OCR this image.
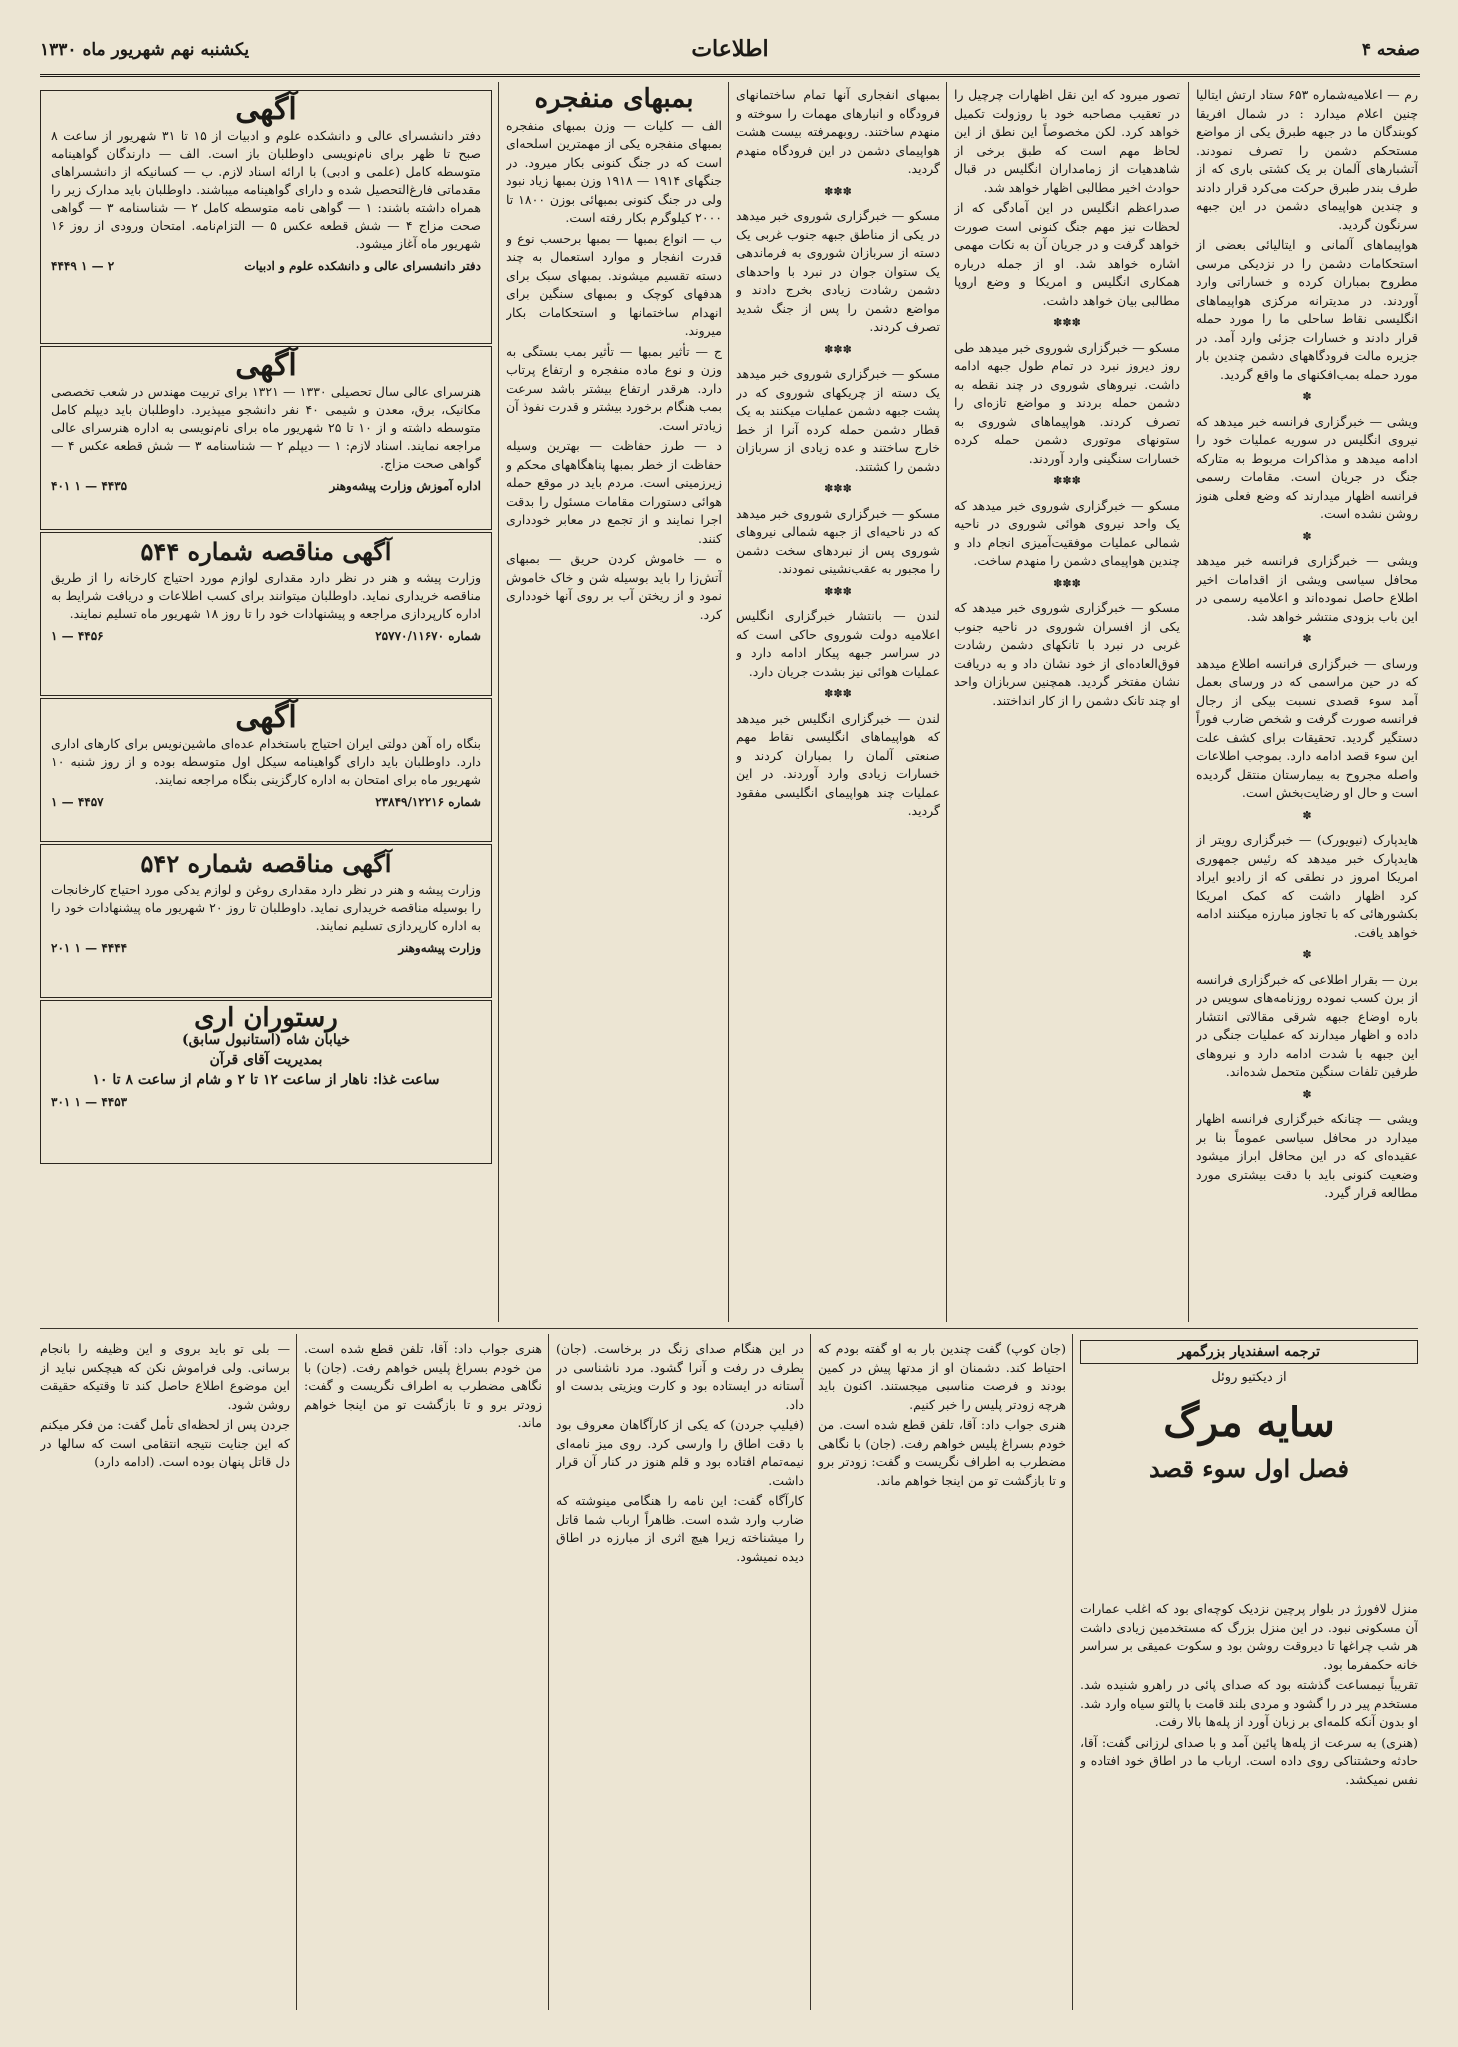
صفحه ۴
اطلاعات
یکشنبه نهم شهریور ماه ۱۳۳۰

رم — اعلامیه‌شماره ۶۵۳ ستاد ارتش ایتالیا چنین اعلام میدارد : در شمال افریقا کوبندگان ما در جبهه طبرق یکی از مواضع مستحکم دشمن را تصرف نمودند. آتشبارهای آلمان بر یک کشتی باری که از طرف بندر طبرق حرکت می‌کرد قرار دادند و چندین هواپیمای دشمن در این جبهه سرنگون گردید.

هواپیماهای آلمانی و ایتالیائی بعضی از استحکامات دشمن را در نزدیکی مرسی مطروح بمباران کرده و خساراتی وارد آوردند. در مدیترانه مرکزی هواپیماهای انگلیسی نقاط ساحلی ما را مورد حمله قرار دادند و خسارات جزئی وارد آمد. در جزیره مالت فرودگاههای دشمن چندین بار مورد حمله بمب‌افکنهای ما واقع گردید.

✽

ویشی — خبرگزاری فرانسه خبر میدهد که نیروی انگلیس در سوریه عملیات خود را ادامه میدهد و مذاکرات مربوط به متارکه جنگ در جریان است. مقامات رسمی فرانسه اظهار میدارند که وضع فعلی هنوز روشن نشده است.

✽

ویشی — خبرگزاری فرانسه خبر میدهد محافل سیاسی ویشی از اقدامات اخیر اطلاع حاصل نموده‌اند و اعلامیه رسمی در این باب بزودی منتشر خواهد شد.

✽

ورسای — خبرگزاری فرانسه اطلاع میدهد که در حین مراسمی که در ورسای بعمل آمد سوء قصدی نسبت بیکی از رجال فرانسه صورت گرفت و شخص ضارب فوراً دستگیر گردید. تحقیقات برای کشف علت این سوء قصد ادامه دارد. بموجب اطلاعات واصله مجروح به بیمارستان منتقل گردیده است و حال او رضایت‌بخش است.

✽

هایدپارک (نیویورک) — خبرگزاری رویتر از هایدپارک خبر میدهد که رئیس جمهوری امریکا امروز در نطقی که از رادیو ایراد کرد اظهار داشت که کمک امریکا بکشورهائی که با تجاوز مبارزه میکنند ادامه خواهد یافت.

✽

برن — بقرار اطلاعی که خبرگزاری فرانسه از برن کسب نموده روزنامه‌های سویس در باره اوضاع جبهه شرقی مقالاتی انتشار داده و اظهار میدارند که عملیات جنگی در این جبهه با شدت ادامه دارد و نیروهای طرفین تلفات سنگین متحمل شده‌اند.

✽

ویشی — چنانکه خبرگزاری فرانسه اظهار میدارد در محافل سیاسی عموماً بنا بر عقیده‌ای که در این محافل ابراز میشود وضعیت کنونی باید با دقت بیشتری مورد مطالعه قرار گیرد.

تصور میرود که این نقل اظهارات چرچیل را در تعقیب مصاحبه خود با روزولت تکمیل خواهد کرد. لکن مخصوصاً این نطق از این لحاظ مهم است که طبق برخی از شاهدهیات از زمامداران انگلیس در قبال حوادث اخیر مطالبی اظهار خواهد شد.

صدراعظم انگلیس در این آمادگی که از لحظات نیز مهم جنگ کنونی است صورت خواهد گرفت و در جریان آن به نکات مهمی اشاره خواهد شد. او از جمله درباره همکاری انگلیس و امریکا و وضع اروپا مطالبی بیان خواهد داشت.

✽✽✽

مسکو — خبرگزاری شوروی خبر میدهد طی روز دیروز نبرد در تمام طول جبهه ادامه داشت. نیروهای شوروی در چند نقطه به دشمن حمله بردند و مواضع تازه‌ای را تصرف کردند. هواپیماهای شوروی به ستونهای موتوری دشمن حمله کرده خسارات سنگینی وارد آوردند.

✽✽✽

مسکو — خبرگزاری شوروی خبر میدهد که یک واحد نیروی هوائی شوروی در ناحیه شمالی عملیات موفقیت‌آمیزی انجام داد و چندین هواپیمای دشمن را منهدم ساخت.

✽✽✽

مسکو — خبرگزاری شوروی خبر میدهد که یکی از افسران شوروی در ناحیه جنوب غربی در نبرد با تانکهای دشمن رشادت فوق‌العاده‌ای از خود نشان داد و به دریافت نشان مفتخر گردید. همچنین سربازان واحد او چند تانک دشمن را از کار انداختند.

بمبهای انفجاری آنها تمام ساختمانهای فرودگاه و انبارهای مهمات را سوخته و منهدم ساختند. روبهمرفته بیست هشت هواپیمای دشمن در این فرودگاه منهدم گردید.

✽✽✽

مسکو — خبرگزاری شوروی خبر میدهد در یکی از مناطق جبهه جنوب غربی یک دسته از سربازان شوروی به فرماندهی یک ستوان جوان در نبرد با واحدهای دشمن رشادت زیادی بخرج دادند و مواضع دشمن را پس از جنگ شدید تصرف کردند.

✽✽✽

مسکو — خبرگزاری شوروی خبر میدهد یک دسته از چریکهای شوروی که در پشت جبهه دشمن عملیات میکنند به یک قطار دشمن حمله کرده آنرا از خط خارج ساختند و عده زیادی از سربازان دشمن را کشتند.

✽✽✽

مسکو — خبرگزاری شوروی خبر میدهد که در ناحیه‌ای از جبهه شمالی نیروهای شوروی پس از نبردهای سخت دشمن را مجبور به عقب‌نشینی نمودند.

✽✽✽

لندن — بانتشار خبرگزاری انگلیس اعلامیه دولت شوروی حاکی است که در سراسر جبهه پیکار ادامه دارد و عملیات هوائی نیز بشدت جریان دارد.

✽✽✽

لندن — خبرگزاری انگلیس خبر میدهد که هواپیماهای انگلیسی نقاط مهم صنعتی آلمان را بمباران کردند و خسارات زیادی وارد آوردند. در این عملیات چند هواپیمای انگلیسی مفقود گردید.

بمبهای منفجره

الف — کلیات — وزن بمبهای منفجره بمبهای منفجره یکی از مهمترین اسلحه‌ای است که در جنگ کنونی بکار میرود. در جنگهای ۱۹۱۴ — ۱۹۱۸ وزن بمبها زیاد نبود ولی در جنگ کنونی بمبهائی بوزن ۱۸۰۰ تا ۲۰۰۰ کیلوگرم بکار رفته است.

ب — انواع بمبها — بمبها برحسب نوع و قدرت انفجار و موارد استعمال به چند دسته تقسیم میشوند. بمبهای سبک برای هدفهای کوچک و بمبهای سنگین برای انهدام ساختمانها و استحکامات بکار میروند.

ج — تأثیر بمبها — تأثیر بمب بستگی به وزن و نوع ماده منفجره و ارتفاع پرتاب دارد. هرقدر ارتفاع بیشتر باشد سرعت بمب هنگام برخورد بیشتر و قدرت نفوذ آن زیادتر است.

د — طرز حفاظت — بهترین وسیله حفاظت از خطر بمبها پناهگاههای محکم و زیرزمینی است. مردم باید در موقع حمله هوائی دستورات مقامات مسئول را بدقت اجرا نمایند و از تجمع در معابر خودداری کنند.

ه — خاموش کردن حریق — بمبهای آتش‌زا را باید بوسیله شن و خاک خاموش نمود و از ریختن آب بر روی آنها خودداری کرد.

آگهی
دفتر دانشسرای عالی و دانشکده علوم و ادبیات از ۱۵ تا ۳۱ شهریور از ساعت ۸ صبح تا ظهر برای نام‌نویسی داوطلبان باز است. الف — دارندگان گواهینامه متوسطه کامل (علمی و ادبی) با ارائه اسناد لازم. ب — کسانیکه از دانشسراهای مقدماتی فارغ‌التحصیل شده و دارای گواهینامه میباشند. داوطلبان باید مدارک زیر را همراه داشته باشند: ۱ — گواهی نامه متوسطه کامل ۲ — شناسنامه ۳ — گواهی صحت مزاج ۴ — شش قطعه عکس ۵ — التزام‌نامه. امتحان ورودی از روز ۱۶ شهریور ماه آغاز میشود.
دفتر دانشسرای عالی و دانشکده علوم و ادبیات
۲ — ۱ ۴۴۴۹
آگهی
هنرسرای عالی سال تحصیلی ۱۳۳۰ — ۱۳۲۱ برای تربیت مهندس در شعب تخصصی مکانیک، برق، معدن و شیمی ۴۰ نفر دانشجو میپذیرد. داوطلبان باید دیپلم کامل متوسطه داشته و از ۱۰ تا ۲۵ شهریور ماه برای نام‌نویسی به اداره هنرسرای عالی مراجعه نمایند. اسناد لازم: ۱ — دیپلم ۲ — شناسنامه ۳ — شش قطعه عکس ۴ — گواهی صحت مزاج.
اداره آموزش وزارت پیشه‌وهنر
۴۴۳۵ — ۱ ۴۰۱
آگهی مناقصه شماره ۵۴۴
وزارت پیشه و هنر در نظر دارد مقداری لوازم مورد احتیاج کارخانه را از طریق مناقصه خریداری نماید. داوطلبان میتوانند برای کسب اطلاعات و دریافت شرایط به اداره کارپردازی مراجعه و پیشنهادات خود را تا روز ۱۸ شهریور ماه تسلیم نمایند.
شماره ۲۵۷۷۰/۱۱۶۷۰
۴۴۵۶ — ۱
آگهی
بنگاه راه آهن دولتی ایران احتیاج باستخدام عده‌ای ماشین‌نویس برای کارهای اداری دارد. داوطلبان باید دارای گواهینامه سیکل اول متوسطه بوده و از روز شنبه ۱۰ شهریور ماه برای امتحان به اداره کارگزینی بنگاه مراجعه نمایند.
شماره ۲۳۸۴۹/۱۲۲۱۶
۴۴۵۷ — ۱
آگهی مناقصه شماره ۵۴۲
وزارت پیشه و هنر در نظر دارد مقداری روغن و لوازم یدکی مورد احتیاج کارخانجات را بوسیله مناقصه خریداری نماید. داوطلبان تا روز ۲۰ شهریور ماه پیشنهادات خود را به اداره کارپردازی تسلیم نمایند.
وزارت پیشه‌وهنر
۴۴۴۴ — ۱ ۲۰۱
رستوران اری
خیابان شاه (استانبول سابق)
بمدیریت آقای قرآن
ساعت غذا: ناهار از ساعت ۱۲ تا ۲ و شام از ساعت ۸ تا ۱۰
۴۴۵۳ — ۱ ۳۰۱
ترجمه اسفندیار بزرگمهر
از دیکتیو روئل
سایه مرگ
فصل اول سوء قصد

منزل لافورژ در بلوار پرچین نزدیک کوچه‌ای بود که اغلب عمارات آن مسکونی نبود. در این منزل بزرگ که مستخدمین زیادی داشت هر شب چراغها تا دیروقت روشن بود و سکوت عمیقی بر سراسر خانه حکمفرما بود.

تقریباً نیمساعت گذشته بود که صدای پائی در راهرو شنیده شد. مستخدم پیر در را گشود و مردی بلند قامت با پالتو سیاه وارد شد. او بدون آنکه کلمه‌ای بر زبان آورد از پله‌ها بالا رفت.

(هنری) به سرعت از پله‌ها پائین آمد و با صدای لرزانی گفت: آقا، حادثه وحشتناکی روی داده است. ارباب ما در اطاق خود افتاده و نفس نمیکشد.

(جان کوپ) گفت چندین بار به او گفته بودم که احتیاط کند. دشمنان او از مدتها پیش در کمین بودند و فرصت مناسبی میجستند. اکنون باید هرچه زودتر پلیس را خبر کنیم.

هنری جواب داد: آقا، تلفن قطع شده است. من خودم بسراغ پلیس خواهم رفت. (جان) با نگاهی مضطرب به اطراف نگریست و گفت: زودتر برو و تا بازگشت تو من اینجا خواهم ماند.

در این هنگام صدای زنگ در برخاست. (جان) بطرف در رفت و آنرا گشود. مرد ناشناسی در آستانه در ایستاده بود و کارت ویزیتی بدست او داد.

(فیلیپ جردن) که یکی از کارآگاهان معروف بود با دقت اطاق را وارسی کرد. روی میز نامه‌ای نیمه‌تمام افتاده بود و قلم هنوز در کنار آن قرار داشت.

کارآگاه گفت: این نامه را هنگامی مینوشته که ضارب وارد شده است. ظاهراً ارباب شما قاتل را میشناخته زیرا هیچ اثری از مبارزه در اطاق دیده نمیشود.

— بلی تو باید بروی و این وظیفه را بانجام برسانی. ولی فراموش نکن که هیچکس نباید از این موضوع اطلاع حاصل کند تا وقتیکه حقیقت روشن شود.

جردن پس از لحظه‌ای تأمل گفت: من فکر میکنم که این جنایت نتیجه انتقامی است که سالها در دل قاتل پنهان بوده است. (ادامه دارد)

هنری جواب داد: آقا، تلفن قطع شده است. من خودم بسراغ پلیس خواهم رفت. (جان) با نگاهی مضطرب به اطراف نگریست و گفت: زودتر برو و تا بازگشت تو من اینجا خواهم ماند.
